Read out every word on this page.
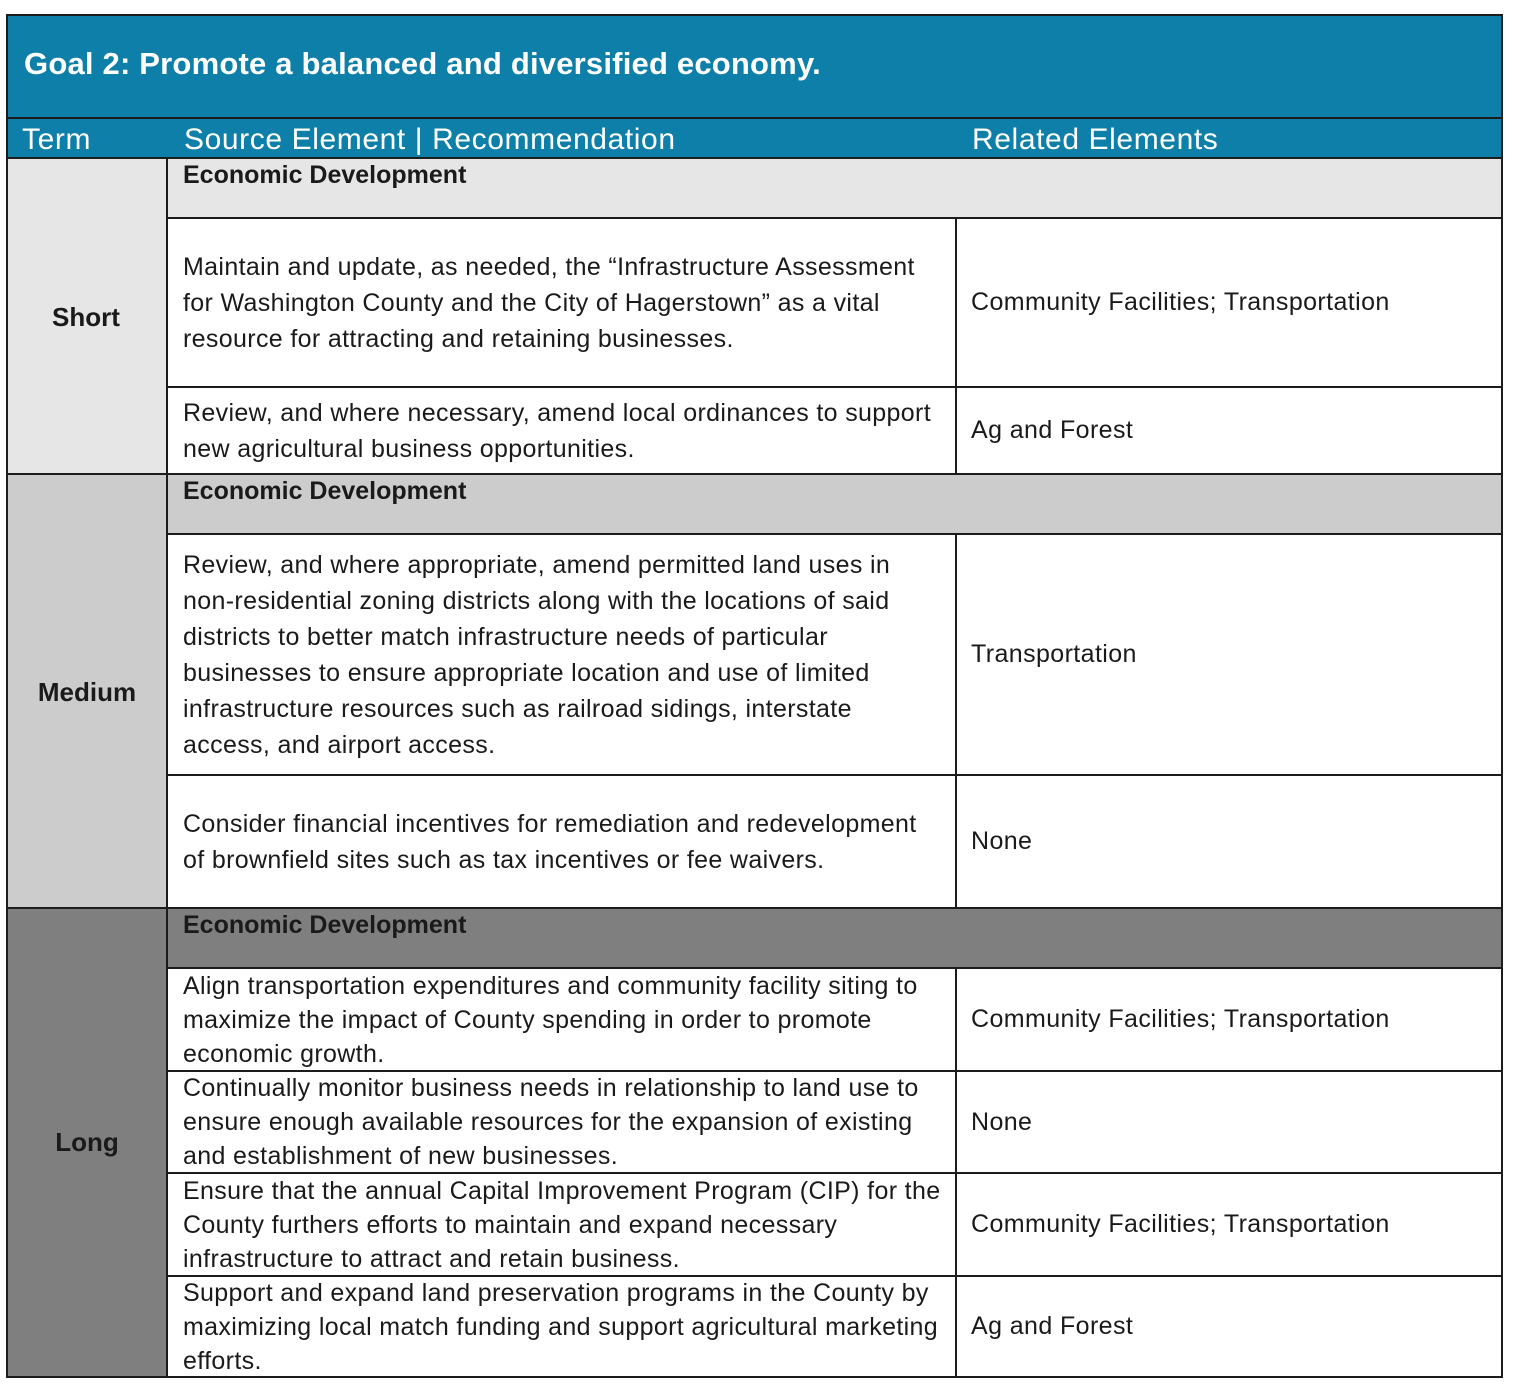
Goal 2: Promote a balanced and diversified economy.
Term	Source Element | Recommendation	Related Elements
Short
Economic Development
Maintain and update, as needed, the “Infrastructure Assessment for Washington County and the City of Hagerstown” as a vital resource for attracting and retaining businesses.
Community Facilities; Transportation
Review, and where necessary, amend local ordinances to support new agricultural business opportunities.
Ag and Forest
Medium
Economic Development
Review, and where appropriate, amend permitted land uses in non-residential zoning districts along with the locations of said districts to better match infrastructure needs of particular businesses to ensure appropriate location and use of limited infrastructure resources such as railroad sidings, interstate access, and airport access.
Transportation
Consider financial incentives for remediation and redevelopment of brownfield sites such as tax incentives or fee waivers.
None
Long
Economic Development
Align transportation expenditures and community facility siting to maximize the impact of County spending in order to promote economic growth.
Community Facilities; Transportation
Continually monitor business needs in relationship to land use to ensure enough available resources for the expansion of existing and establishment of new businesses.
None
Ensure that the annual Capital Improvement Program (CIP) for the County furthers efforts to maintain and expand necessary infrastructure to attract and retain business.
Community Facilities; Transportation
Support and expand land preservation programs in the County by maximizing local match funding and support agricultural marketing efforts.
Ag and Forest
